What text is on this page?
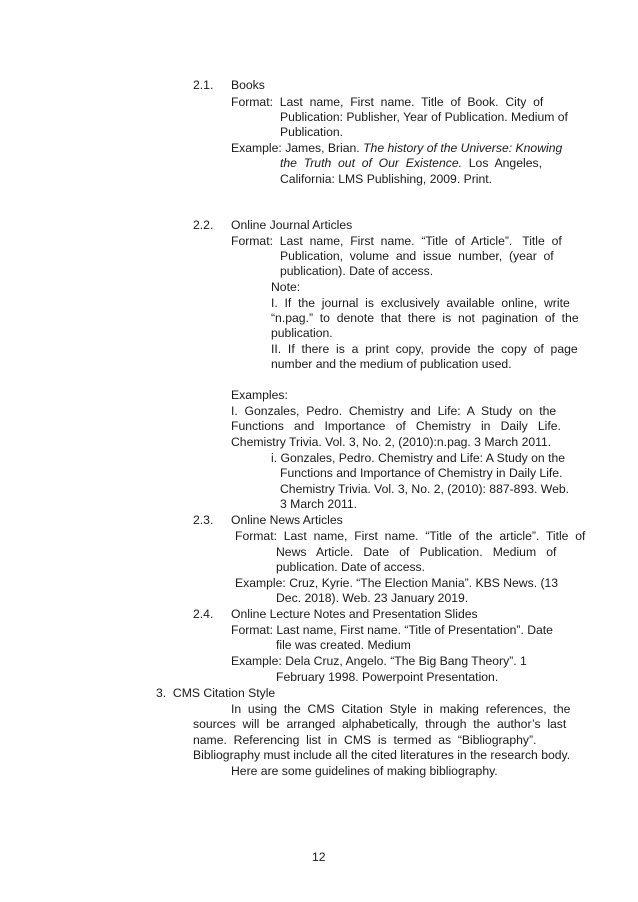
2.1. Books
Format:  Last  name,  First  name.  Title  of  Book.  City  of
Publication: Publisher, Year of Publication. Medium of
Publication.
Example: James, Brian. The history of the Universe: Knowing
the  Truth  out  of  Our  Existence.  Los  Angeles,
California: LMS Publishing, 2009. Print.
2.2. Online Journal Articles
Format:  Last  name,  First  name.  “Title  of  Article”.   Title  of
Publication,  volume  and  issue  number,  (year  of
publication). Date of access.
Note:
I.  If  the  journal  is  exclusively  available  online,  write
“n.pag.”  to  denote  that  there  is  not  pagination  of  the
publication.
II.  If  there  is  a  print  copy,  provide  the  copy  of  page
number and the medium of publication used.
Examples:
I.  Gonzales,  Pedro.  Chemistry  and  Life:  A  Study  on  the
Functions   and   Importance   of   Chemistry   in   Daily   Life.
Chemistry Trivia. Vol. 3, No. 2, (2010):n.pag. 3 March 2011.
i. Gonzales, Pedro. Chemistry and Life: A Study on the
Functions and Importance of Chemistry in Daily Life.
Chemistry Trivia. Vol. 3, No. 2, (2010): 887-893. Web.
3 March 2011.
2.3. Online News Articles
Format:  Last  name,  First  name.  “Title  of  the  article”.  Title  of
News   Article.   Date   of   Publication.   Medium   of
publication. Date of access.
Example: Cruz, Kyrie. “The Election Mania”. KBS News. (13
Dec. 2018). Web. 23 January 2019.
2.4. Online Lecture Notes and Presentation Slides
Format: Last name, First name. “Title of Presentation”. Date
file was created. Medium
Example: Dela Cruz, Angelo. “The Big Bang Theory”. 1
February 1998. Powerpoint Presentation.
3.  CMS Citation Style
In  using  the  CMS  Citation  Style  in  making  references,  the
sources  will  be  arranged  alphabetically,  through  the  author’s  last
name.  Referencing  list  in  CMS  is  termed  as  “Bibliography”.
Bibliography must include all the cited literatures in the research body.
Here are some guidelines of making bibliography.
12
